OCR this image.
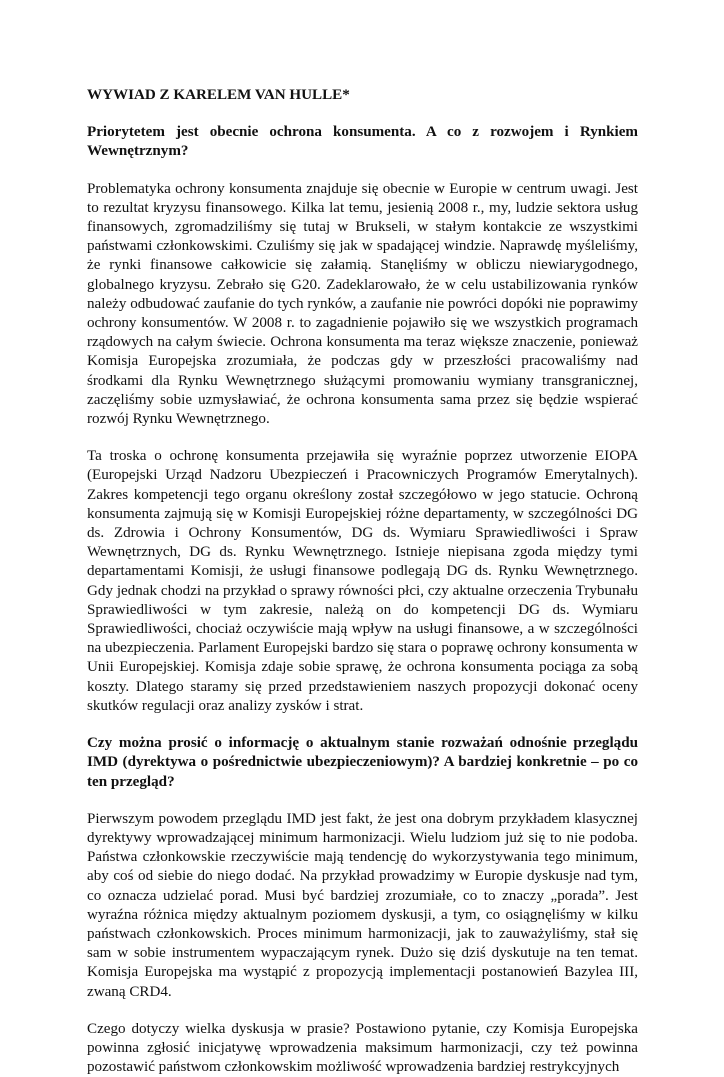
WYWIAD Z KARELEM VAN HULLE*

Priorytetem jest obecnie ochrona konsumenta. A co z rozwojem i Rynkiem Wewnętrznym?

Problematyka ochrony konsumenta znajduje się obecnie w Europie w centrum uwagi. Jest to rezultat kryzysu finansowego. Kilka lat temu, jesienią 2008 r., my, ludzie sektora usług finansowych, zgromadziliśmy się tutaj w Brukseli, w stałym kontakcie ze wszystkimi państwami członkowskimi. Czuliśmy się jak w spadającej windzie. Naprawdę myśleliśmy, że rynki finansowe całkowicie się załamią. Stanęliśmy w obliczu niewiarygodnego, globalnego kryzysu. Zebrało się G20. Zadeklarowało, że w celu ustabilizowania rynków należy odbudować zaufanie do tych rynków, a zaufanie nie powróci dopóki nie poprawimy ochrony konsumentów. W 2008 r. to zagadnienie pojawiło się we wszystkich programach rządowych na całym świecie. Ochrona konsumenta ma teraz większe znaczenie, ponieważ Komisja Europejska zrozumiała, że podczas gdy w przeszłości pracowaliśmy nad środkami dla Rynku Wewnętrznego służącymi promowaniu wymiany transgranicznej, zaczęliśmy sobie uzmysławiać, że ochrona konsumenta sama przez się będzie wspierać rozwój Rynku Wewnętrznego.

Ta troska o ochronę konsumenta przejawiła się wyraźnie poprzez utworzenie EIOPA (Europejski Urząd Nadzoru Ubezpieczeń i Pracowniczych Programów Emerytalnych). Zakres kompetencji tego organu określony został szczegółowo w jego statucie. Ochroną konsumenta zajmują się w Komisji Europejskiej różne departamenty, w szczególności DG ds. Zdrowia i Ochrony Konsumentów, DG ds. Wymiaru Sprawiedliwości i Spraw Wewnętrznych, DG ds. Rynku Wewnętrznego. Istnieje niepisana zgoda między tymi departamentami Komisji, że usługi finansowe podlegają DG ds. Rynku Wewnętrznego. Gdy jednak chodzi na przykład o sprawy równości płci, czy aktualne orzeczenia Trybunału Sprawiedliwości w tym zakresie, należą on do kompetencji DG ds. Wymiaru Sprawiedliwości, chociaż oczywiście mają wpływ na usługi finansowe, a w szczególności na ubezpieczenia. Parlament Europejski bardzo się stara o poprawę ochrony konsumenta w Unii Europejskiej. Komisja zdaje sobie sprawę, że ochrona konsumenta pociąga za sobą koszty. Dlatego staramy się przed przedstawieniem naszych propozycji dokonać oceny skutków regulacji oraz analizy zysków i strat.

Czy można prosić o informację o aktualnym stanie rozważań odnośnie przeglądu IMD (dyrektywa o pośrednictwie ubezpieczeniowym)? A bardziej konkretnie – po co ten przegląd?

Pierwszym powodem przeglądu IMD jest fakt, że jest ona dobrym przykładem klasycznej dyrektywy wprowadzającej minimum harmonizacji. Wielu ludziom już się to nie podoba. Państwa członkowskie rzeczywiście mają tendencję do wykorzystywania tego minimum, aby coś od siebie do niego dodać. Na przykład prowadzimy w Europie dyskusje nad tym, co oznacza udzielać porad. Musi być bardziej zrozumiałe, co to znaczy „porada”. Jest wyraźna różnica między aktualnym poziomem dyskusji, a tym, co osiągnęliśmy w kilku państwach członkowskich. Proces minimum harmonizacji, jak to zauważyliśmy, stał się sam w sobie instrumentem wypaczającym rynek. Dużo się dziś dyskutuje na ten temat. Komisja Europejska ma wystąpić z propozycją implementacji postanowień Bazylea III, zwaną CRD4.

Czego dotyczy wielka dyskusja w prasie? Postawiono pytanie, czy Komisja Europejska powinna zgłosić inicjatywę wprowadzenia maksimum harmonizacji, czy też powinna pozostawić państwom członkowskim możliwość wprowadzenia bardziej restrykcyjnych
